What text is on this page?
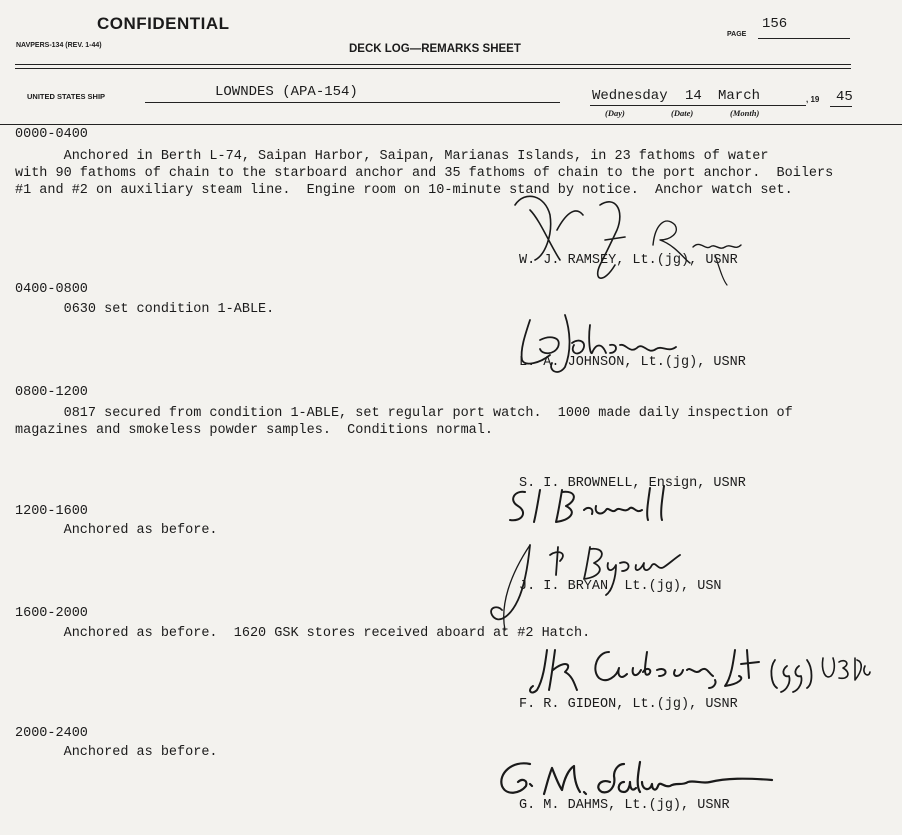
CONFIDENTIAL
NAVPERS-134 (REV. 1-44)	DECK LOG—REMARKS SHEET
PAGE
156
UNITED STATES SHIP	LOWNDES (APA-154)	Wednesday 14 March	, 19 45
(Day)	(Date)	(Month)
0000-0400
Anchored in Berth L-74, Saipan Harbor, Saipan, Marianas Islands, in 23 fathoms of water
with 90 fathoms of chain to the starboard anchor and 35 fathoms of chain to the port anchor.  Boilers
#1 and #2 on auxiliary steam line.  Engine room on 10-minute stand by notice.  Anchor watch set.
W. J. RAMSEY, Lt.(jg), USNR
0400-0800
0630 set condition 1-ABLE.
L. A. JOHNSON, Lt.(jg), USNR
0800-1200
0817 secured from condition 1-ABLE, set regular port watch.  1000 made daily inspection of
magazines and smokeless powder samples.  Conditions normal.
S. I. BROWNELL, Ensign, USNR
1200-1600
Anchored as before.
J. I. BRYAN, Lt.(jg), USN
1600-2000
Anchored as before.  1620 GSK stores received aboard at #2 Hatch.
F. R. GIDEON, Lt.(jg), USNR
2000-2400
Anchored as before.
G. M. DAHMS, Lt.(jg), USNR
